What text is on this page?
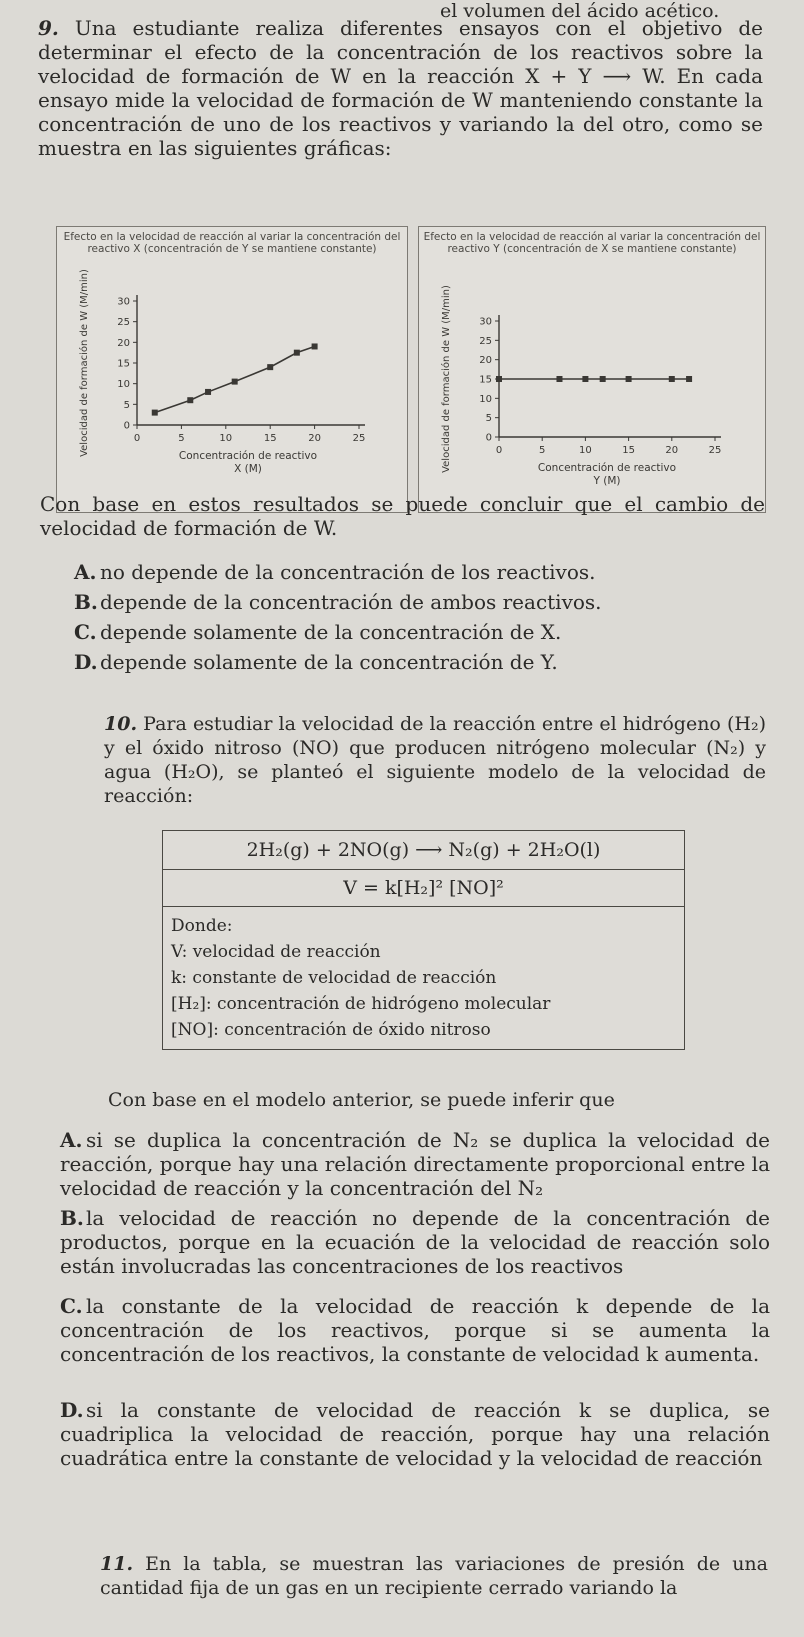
el volumen del ácido acético.
9. Una estudiante realiza diferentes ensayos con el objetivo de determinar el efecto de la concentración de los reactivos sobre la velocidad de formación de W en la reacción X + Y ⟶ W. En cada ensayo mide la velocidad de formación de W manteniendo constante la concentración de uno de los reactivos y variando la del otro, como se muestra en las siguientes gráficas:
Efecto en la velocidad de reacción al variar la concentración del reactivo X (concentración de Y se mantiene constante)
0
5
10
15
20
25
30
0	5	10	15	20	25
Velocidad de formación de W (M/min)	Concentración de reactivo X (M)
Efecto en la velocidad de reacción al variar la concentración del reactivo Y (concentración de X se mantiene constante)
0
5
10
15
20
25
30
0	5	10	15	20	25
Velocidad de formación de W (M/min)	Concentración de reactivo Y (M)
Con base en estos resultados se puede concluir que el cambio de velocidad de formación de W.
A. no depende de la concentración de los reactivos.
B. depende de la concentración de ambos reactivos.
C. depende solamente de la concentración de X.
D. depende solamente de la concentración de Y.
10. Para estudiar la velocidad de la reacción entre el hidrógeno (H₂) y el óxido nitroso (NO) que producen nitrógeno molecular (N₂) y agua (H₂O), se planteó el siguiente modelo de la velocidad de reacción:
2H₂(g) + 2NO(g) ⟶ N₂(g) + 2H₂O(l)
V = k[H₂]² [NO]²
Donde:
V: velocidad de reacción
k: constante de velocidad de reacción
[H₂]: concentración de hidrógeno molecular
[NO]: concentración de óxido nitroso
Con base en el modelo anterior, se puede inferir que
A. si se duplica la concentración de N₂ se duplica la velocidad de reacción, porque hay una relación directamente proporcional entre la velocidad de reacción y la concentración del N₂
B. la velocidad de reacción no depende de la concentración de productos, porque en la ecuación de la velocidad de reacción solo están involucradas las concentraciones de los reactivos
C. la constante de la velocidad de reacción k depende de la concentración de los reactivos, porque si se aumenta la concentración de los reactivos, la constante de velocidad k aumenta.
D. si la constante de velocidad de reacción k se duplica, se cuadriplica la velocidad de reacción, porque hay una relación cuadrática entre la constante de velocidad y la velocidad de reacción
11. En la tabla, se muestran las variaciones de presión de una cantidad fija de un gas en un recipiente cerrado variando la
